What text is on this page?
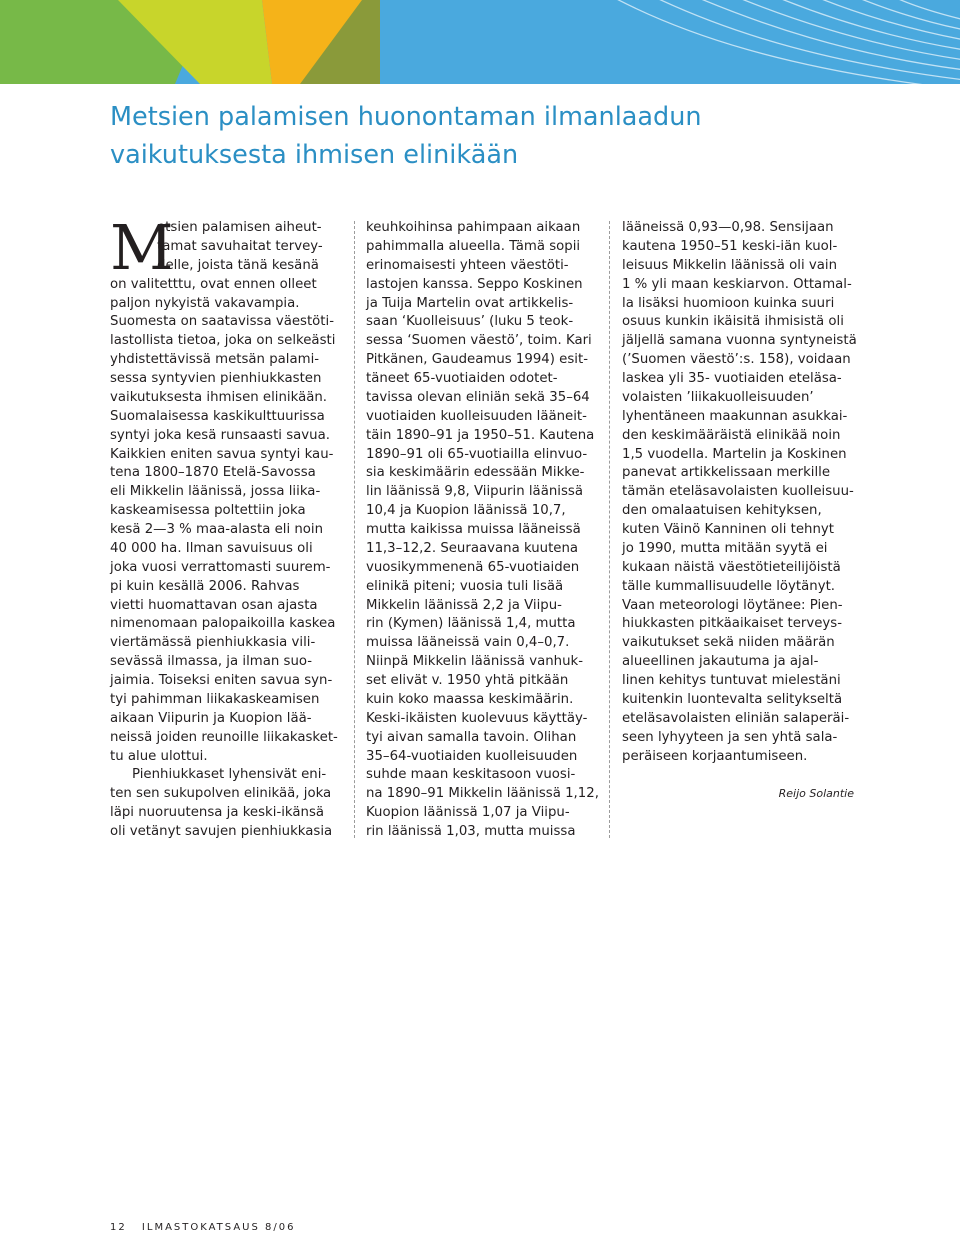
Metsien palamisen huonontaman ilmanlaadun
vaikutuksesta ihmisen elinikään
M
etsien palamisen aiheut-
tamat savuhaitat tervey-
delle, joista tänä kesänä
on valitetttu, ovat ennen olleet
paljon nykyistä vakavampia.
Suomesta on saatavissa väestöti-
lastollista tietoa, joka on selkeästi
yhdistettävissä metsän palami-
sessa syntyvien pienhiukkasten
vaikutuksesta ihmisen elinikään.
Suomalaisessa kaskikulttuurissa
syntyi joka kesä runsaasti savua.
Kaikkien eniten savua syntyi kau-
tena 1800–1870 Etelä-Savossa
eli Mikkelin läänissä, jossa liika-
kaskeamisessa poltettiin joka
kesä 2—3 % maa-alasta eli noin
40 000 ha. Ilman savuisuus oli
joka vuosi verrattomasti suurem-
pi kuin kesällä 2006. Rahvas
vietti huomattavan osan ajasta
nimenomaan palopaikoilla kaskea
viertämässä pienhiukkasia vili-
sevässä ilmassa, ja ilman suo-
jaimia. Toiseksi eniten savua syn-
tyi pahimman liikakaskeamisen
aikaan Viipurin ja Kuopion lää-
neissä joiden reunoille liikakasket-
tu alue ulottui.
Pienhiukkaset lyhensivät eni-
ten sen sukupolven elinikää, joka
läpi nuoruutensa ja keski-ikänsä
oli vetänyt savujen pienhiukkasia
keuhkoihinsa pahimpaan aikaan
pahimmalla alueella. Tämä sopii
erinomaisesti yhteen väestöti-
lastojen kanssa. Seppo Koskinen
ja Tuija Martelin ovat artikkelis-
saan ‘Kuolleisuus’ (luku 5 teok-
sessa ‘Suomen väestö’, toim. Kari
Pitkänen, Gaudeamus 1994) esit-
täneet 65-vuotiaiden odotet-
tavissa olevan eliniän sekä 35–64
vuotiaiden kuolleisuuden lääneit-
täin 1890–91 ja 1950–51. Kautena
1890–91 oli 65-vuotiailla elinvuo-
sia keskimäärin edessään Mikke-
lin läänissä 9,8, Viipurin läänissä
10,4 ja Kuopion läänissä 10,7,
mutta kaikissa muissa lääneissä
11,3–12,2. Seuraavana kuutena
vuosikymmenenä 65-vuotiaiden
elinikä piteni; vuosia tuli lisää
Mikkelin läänissä 2,2 ja Viipu-
rin (Kymen) läänissä 1,4, mutta
muissa lääneissä vain 0,4–0,7.
Niinpä Mikkelin läänissä vanhuk-
set elivät v. 1950 yhtä pitkään
kuin koko maassa keskimäärin.
Keski-ikäisten kuolevuus käyttäy-
tyi aivan samalla tavoin. Olihan
35–64-vuotiaiden kuolleisuuden
suhde maan keskitasoon vuosi-
na 1890–91 Mikkelin läänissä 1,12,
Kuopion läänissä 1,07 ja Viipu-
rin läänissä 1,03, mutta muissa
lääneissä 0,93—0,98. Sensijaan
kautena 1950–51 keski-iän kuol-
leisuus Mikkelin läänissä oli vain
1 % yli maan keskiarvon. Ottamal-
la lisäksi huomioon kuinka suuri
osuus kunkin ikäisitä ihmisistä oli
jäljellä samana vuonna syntyneistä
(’Suomen väestö’:s. 158), voidaan
laskea yli 35- vuotiaiden eteläsa-
volaisten ’liikakuolleisuuden’
lyhentäneen maakunnan asukkai-
den keskimääräistä elinikää noin
1,5 vuodella. Martelin ja Koskinen
panevat artikkelissaan merkille
tämän eteläsavolaisten kuolleisuu-
den omalaatuisen kehityksen,
kuten Väinö Kanninen oli tehnyt
jo 1990, mutta mitään syytä ei
kukaan näistä väestötieteilijöistä
tälle kummallisuudelle löytänyt.
Vaan meteorologi löytänee: Pien-
hiukkasten pitkäaikaiset terveys-
vaikutukset sekä niiden määrän
alueellinen jakautuma ja ajal-
linen kehitys tuntuvat mielestäni
kuitenkin luontevalta selitykseltä
eteläsavolaisten eliniän salaperäi-
seen lyhyyteen ja sen yhtä sala-
peräiseen korjaantumiseen.
Reijo Solantie
12 ILMASTOKATSAUS 8/06
